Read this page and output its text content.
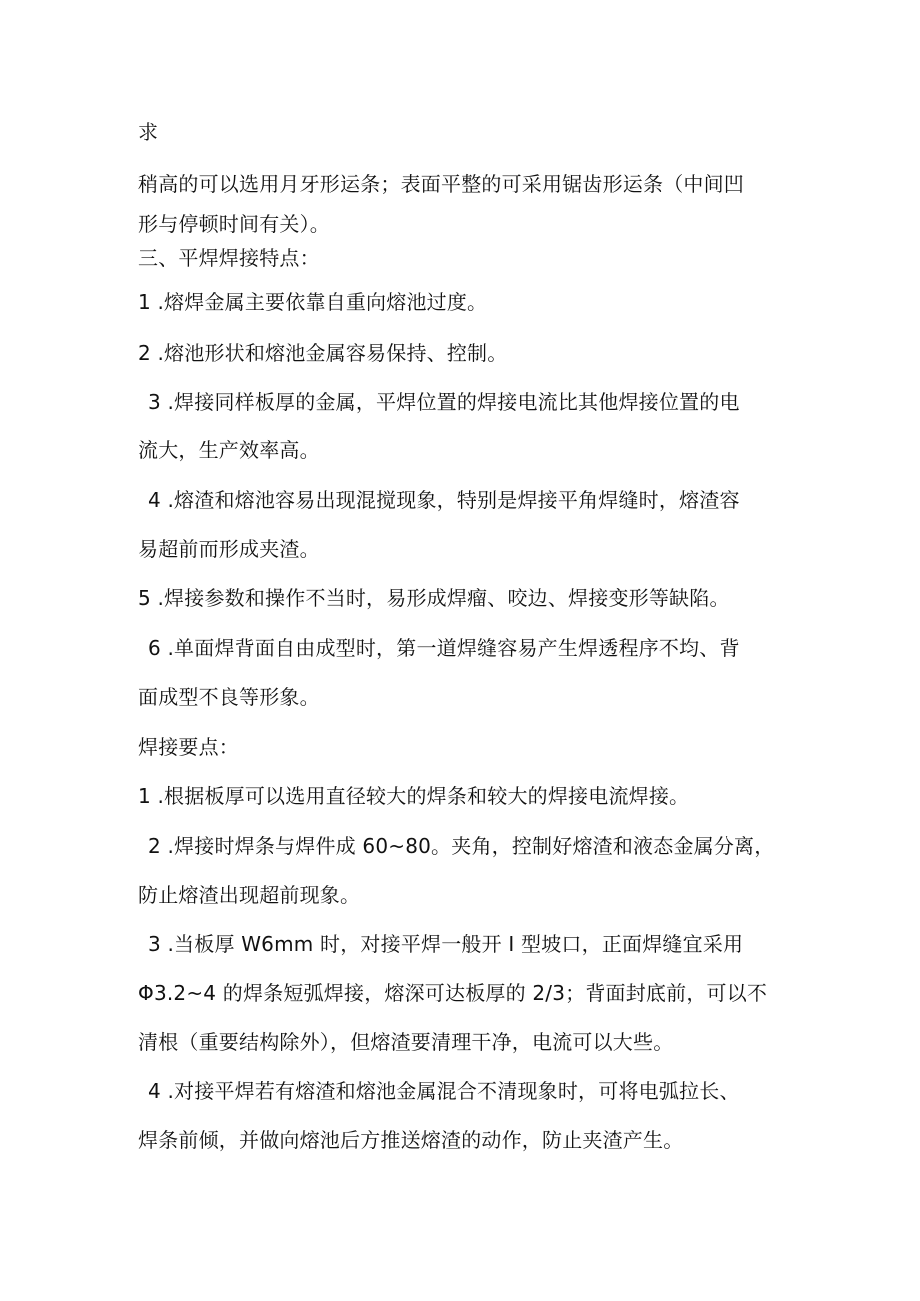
求
稍高的可以选用月牙形运条；表面平整的可采用锯齿形运条（中间凹
形与停顿时间有关）。
三、平焊焊接特点：
1 .熔焊金属主要依靠自重向熔池过度。
2 .熔池形状和熔池金属容易保持、控制。
3 .焊接同样板厚的金属，平焊位置的焊接电流比其他焊接位置的电
流大，生产效率高。
4 .熔渣和熔池容易出现混搅现象，特别是焊接平角焊缝时，熔渣容
易超前而形成夹渣。
5 .焊接参数和操作不当时，易形成焊瘤、咬边、焊接变形等缺陷。
6 .单面焊背面自由成型时，第一道焊缝容易产生焊透程序不均、背
面成型不良等形象。
焊接要点：
1 .根据板厚可以选用直径较大的焊条和较大的焊接电流焊接。
2 .焊接时焊条与焊件成 60~80。夹角，控制好熔渣和液态金属分离，
防止熔渣出现超前现象。
3 .当板厚 W6mm 时，对接平焊一般开 I 型坡口，正面焊缝宜采用
Φ3.2~4 的焊条短弧焊接，熔深可达板厚的 2/3；背面封底前，可以不
清根（重要结构除外），但熔渣要清理干净，电流可以大些。
4 .对接平焊若有熔渣和熔池金属混合不清现象时，可将电弧拉长、
焊条前倾，并做向熔池后方推送熔渣的动作，防止夹渣产生。
